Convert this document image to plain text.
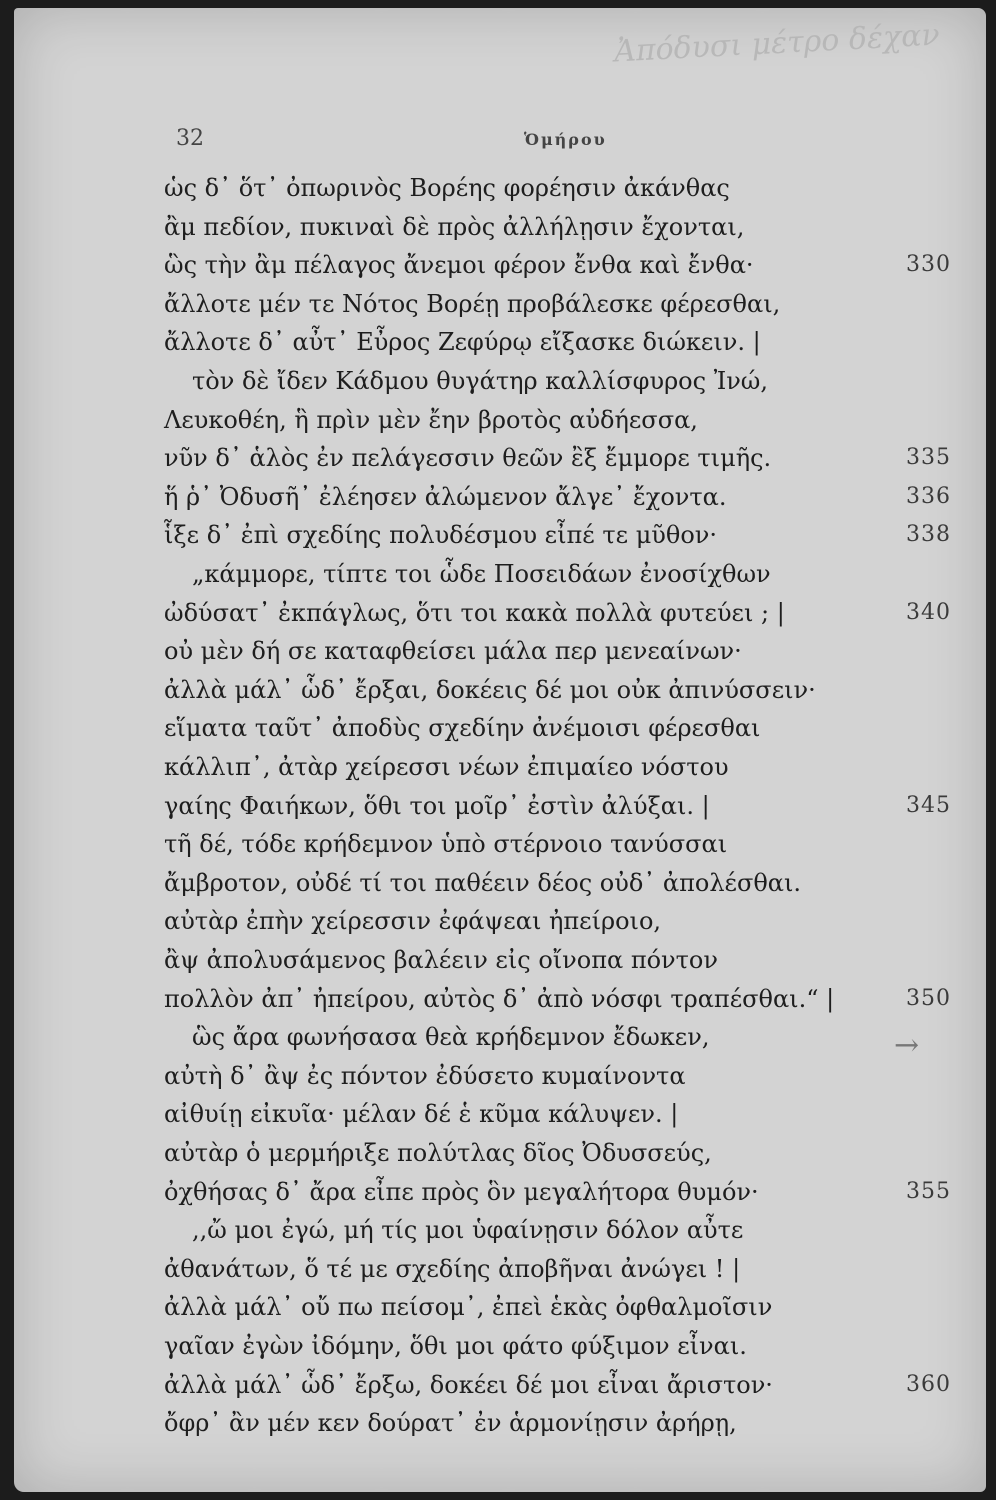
Ἀπόδυσι μέτρο δέχαν
→
32	Ὁμήρου
ὡς δ᾽ ὅτ᾽ ὀπωρινὸς Βορέης φορέησιν ἀκάνθας
ἂμ πεδίον, πυκιναὶ δὲ πρὸς ἀλλήλῃσιν ἔχονται,
ὣς τὴν ἂμ πέλαγος ἄνεμοι φέρον ἔνθα καὶ ἔνθα·	330
ἄλλοτε μέν τε Νότος Βορέῃ προβάλεσκε φέρεσθαι,
ἄλλοτε δ᾽ αὖτ᾽ Εὖρος Ζεφύρῳ εἴξασκε διώκειν. |
τὸν δὲ ἴδεν Κάδμου θυγάτηρ καλλίσφυρος Ἰνώ,
Λευκοθέη, ἣ πρὶν μὲν ἔην βροτὸς αὐδήεσσα,
νῦν δ᾽ ἁλὸς ἐν πελάγεσσιν θεῶν ἒξ ἔμμορε τιμῆς.	335
ἥ ῥ᾽ Ὀδυσῆ᾽ ἐλέησεν ἀλώμενον ἄλγε᾽ ἔχοντα.	336
ἷξε δ᾽ ἐπὶ σχεδίης πολυδέσμου εἶπέ τε μῦθον·	338
„κάμμορε, τίπτε τοι ὧδε Ποσειδάων ἐνοσίχθων
ὠδύσατ᾽ ἐκπάγλως, ὅτι τοι κακὰ πολλὰ φυτεύει ; |	340
οὐ μὲν δή σε καταφθείσει μάλα περ μενεαίνων·
ἀλλὰ μάλ᾽ ὧδ᾽ ἔρξαι, δοκέεις δέ μοι οὐκ ἀπινύσσειν·
εἵματα ταῦτ᾽ ἀποδὺς σχεδίην ἀνέμοισι φέρεσθαι
κάλλιπ᾽, ἀτὰρ χείρεσσι νέων ἐπιμαίεο νόστου
γαίης Φαιήκων, ὅθι τοι μοῖρ᾽ ἐστὶν ἀλύξαι. |	345
τῆ δέ, τόδε κρήδεμνον ὑπὸ στέρνοιο τανύσσαι
ἄμβροτον, οὐδέ τί τοι παθέειν δέος οὐδ᾽ ἀπολέσθαι.
αὐτὰρ ἐπὴν χείρεσσιν ἐφάψεαι ἠπείροιο,
ἂψ ἀπολυσάμενος βαλέειν εἰς οἴνοπα πόντον
πολλὸν ἀπ᾽ ἠπείρου, αὐτὸς δ᾽ ἀπὸ νόσφι τραπέσθαι.“ |	350
ὣς ἄρα φωνήσασα θεὰ κρήδεμνον ἔδωκεν,
αὐτὴ δ᾽ ἂψ ἐς πόντον ἐδύσετο κυμαίνοντα
αἰθυίῃ εἰκυῖα· μέλαν δέ ἑ κῦμα κάλυψεν. |
αὐτὰρ ὁ μερμήριξε πολύτλας δῖος Ὀδυσσεύς,
ὀχθήσας δ᾽ ἄρα εἶπε πρὸς ὃν μεγαλήτορα θυμόν·	355
,,ὤ μοι ἐγώ, μή τίς μοι ὑφαίνῃσιν δόλον αὖτε
ἀθανάτων, ὅ τέ με σχεδίης ἀποβῆναι ἀνώγει ! |
ἀλλὰ μάλ᾽ οὔ πω πείσομ᾽, ἐπεὶ ἑκὰς ὀφθαλμοῖσιν
γαῖαν ἐγὼν ἰδόμην, ὅθι μοι φάτο φύξιμον εἶναι.
ἀλλὰ μάλ᾽ ὧδ᾽ ἔρξω, δοκέει δέ μοι εἶναι ἄριστον·	360
ὄφρ᾽ ἂν μέν κεν δούρατ᾽ ἐν ἁρμονίῃσιν ἀρήρῃ,
